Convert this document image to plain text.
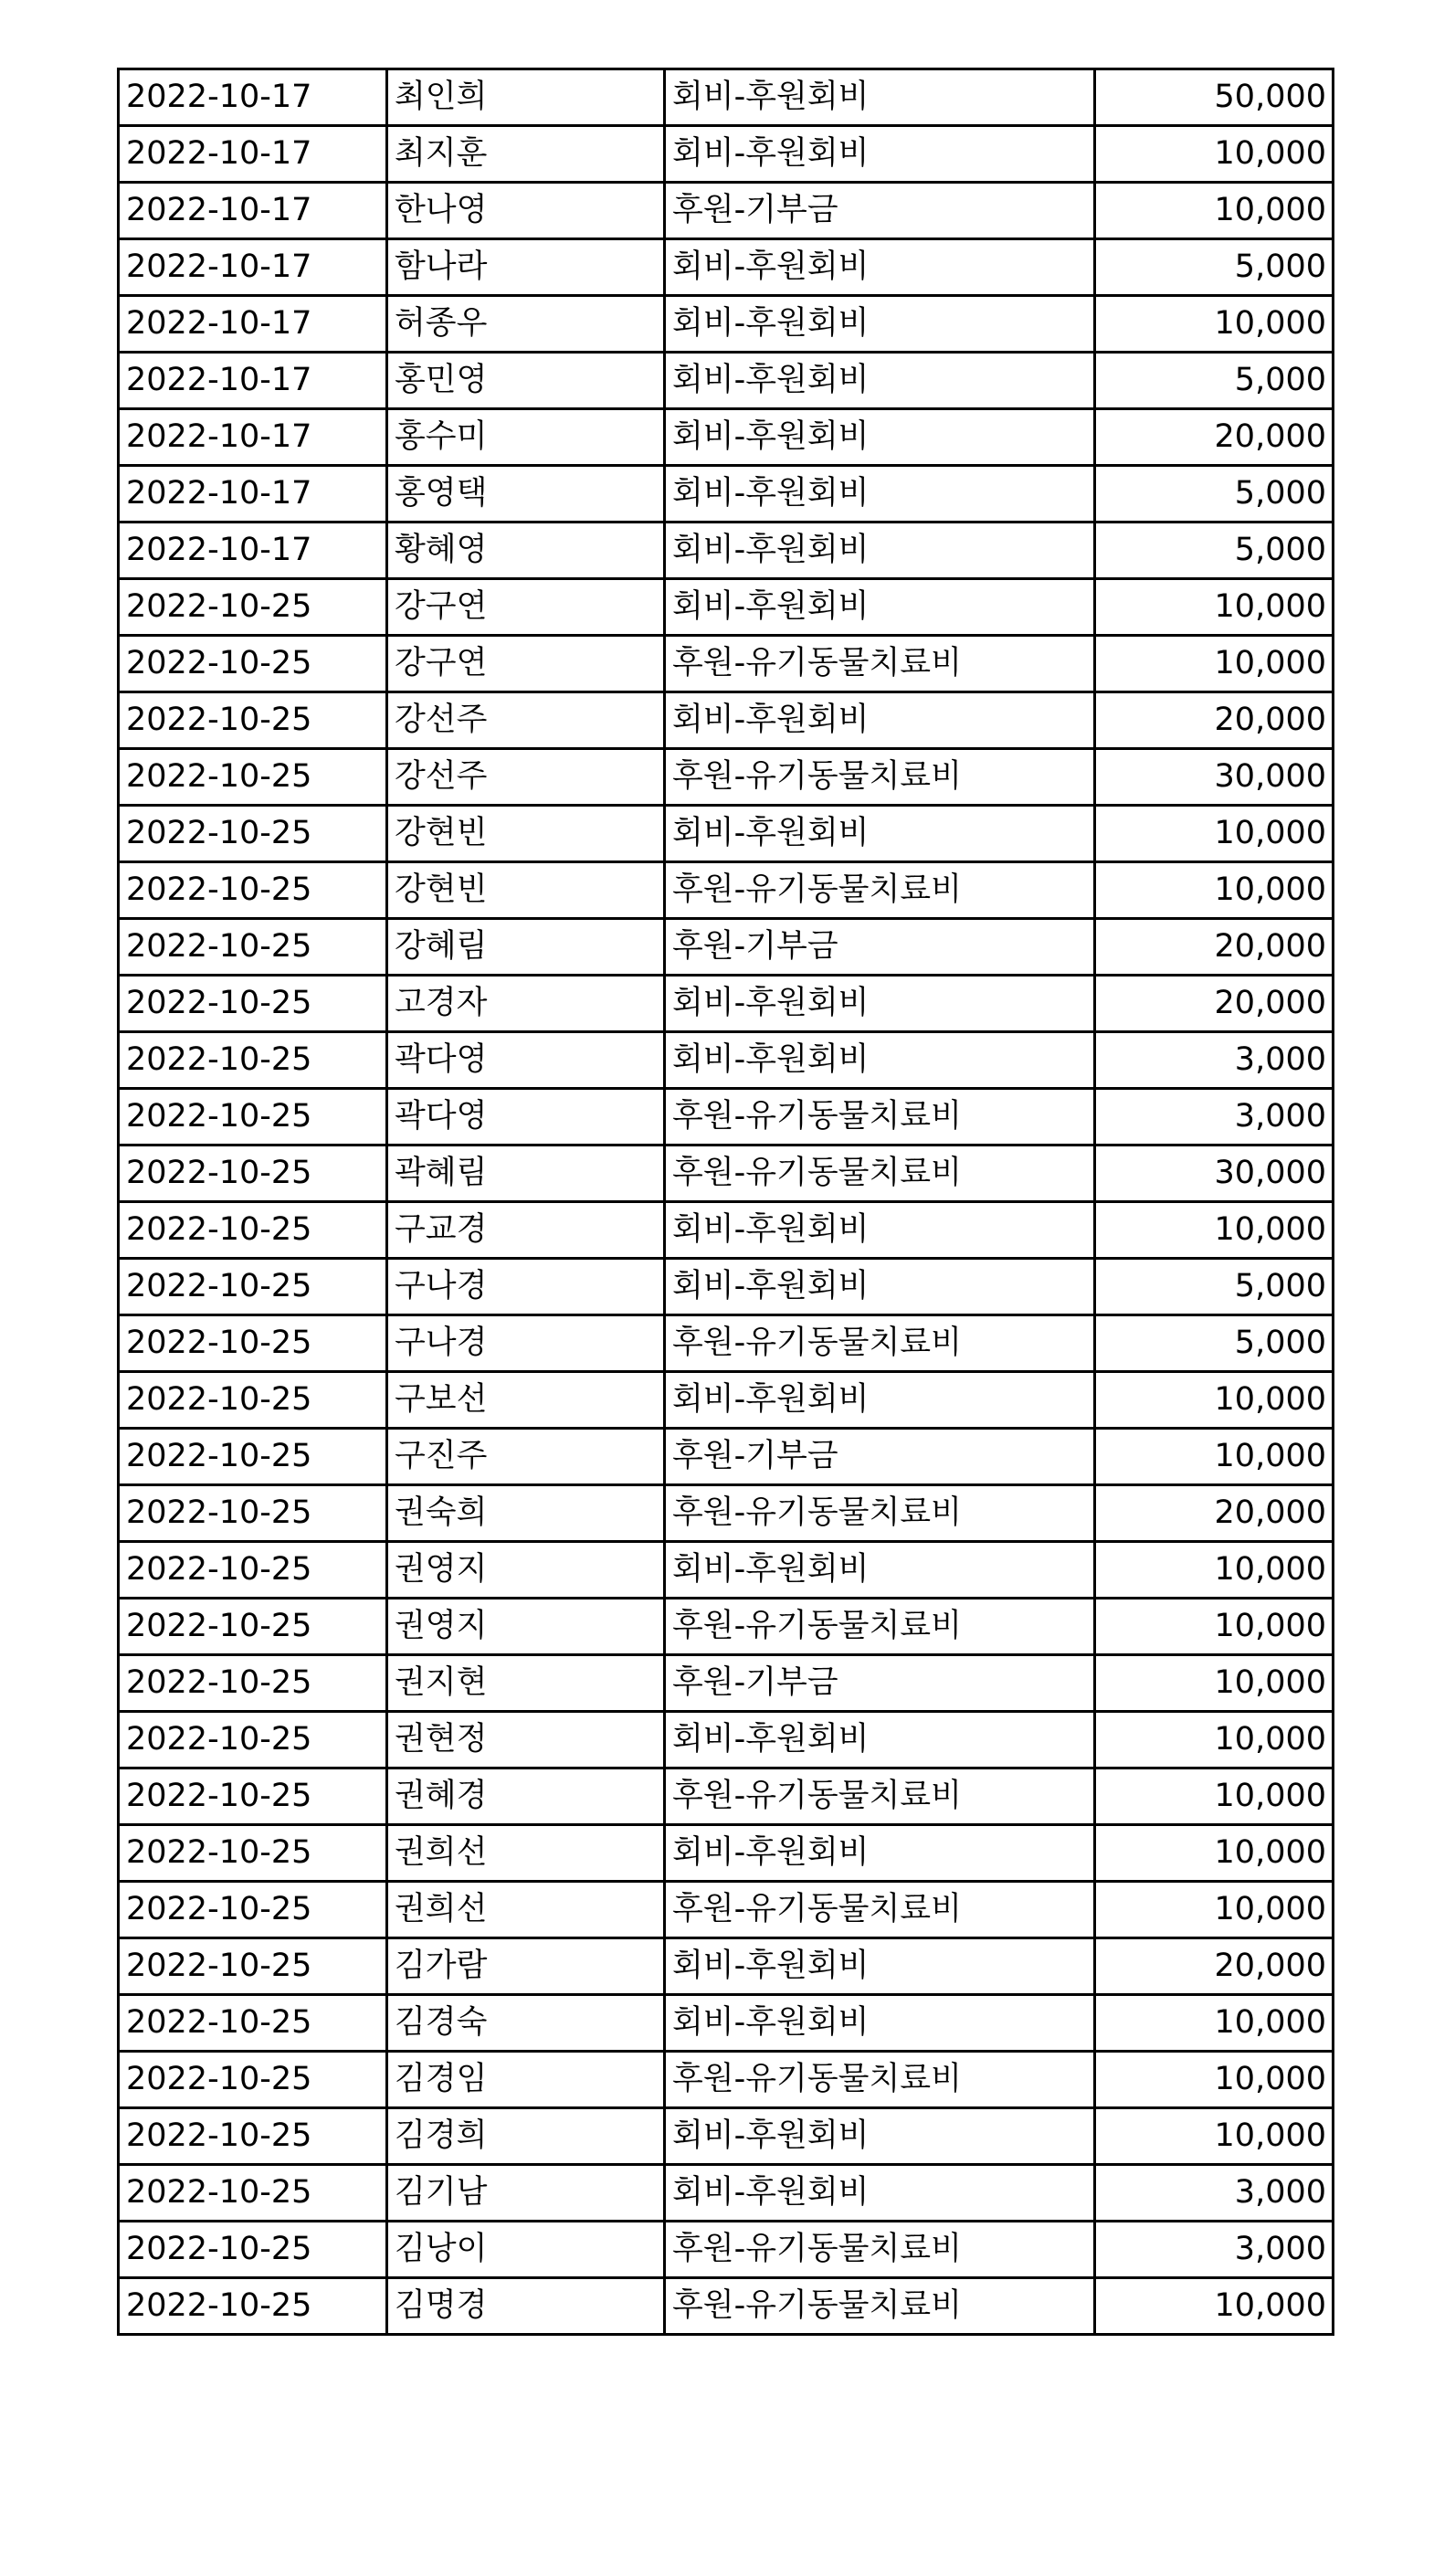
2022-10-17	최인희	회비-후원회비	50,000
2022-10-17	최지훈	회비-후원회비	10,000
2022-10-17	한나영	후원-기부금	10,000
2022-10-17	함나라	회비-후원회비	5,000
2022-10-17	허종우	회비-후원회비	10,000
2022-10-17	홍민영	회비-후원회비	5,000
2022-10-17	홍수미	회비-후원회비	20,000
2022-10-17	홍영택	회비-후원회비	5,000
2022-10-17	황혜영	회비-후원회비	5,000
2022-10-25	강구연	회비-후원회비	10,000
2022-10-25	강구연	후원-유기동물치료비	10,000
2022-10-25	강선주	회비-후원회비	20,000
2022-10-25	강선주	후원-유기동물치료비	30,000
2022-10-25	강현빈	회비-후원회비	10,000
2022-10-25	강현빈	후원-유기동물치료비	10,000
2022-10-25	강혜림	후원-기부금	20,000
2022-10-25	고경자	회비-후원회비	20,000
2022-10-25	곽다영	회비-후원회비	3,000
2022-10-25	곽다영	후원-유기동물치료비	3,000
2022-10-25	곽혜림	후원-유기동물치료비	30,000
2022-10-25	구교경	회비-후원회비	10,000
2022-10-25	구나경	회비-후원회비	5,000
2022-10-25	구나경	후원-유기동물치료비	5,000
2022-10-25	구보선	회비-후원회비	10,000
2022-10-25	구진주	후원-기부금	10,000
2022-10-25	권숙희	후원-유기동물치료비	20,000
2022-10-25	권영지	회비-후원회비	10,000
2022-10-25	권영지	후원-유기동물치료비	10,000
2022-10-25	권지현	후원-기부금	10,000
2022-10-25	권현정	회비-후원회비	10,000
2022-10-25	권혜경	후원-유기동물치료비	10,000
2022-10-25	권희선	회비-후원회비	10,000
2022-10-25	권희선	후원-유기동물치료비	10,000
2022-10-25	김가람	회비-후원회비	20,000
2022-10-25	김경숙	회비-후원회비	10,000
2022-10-25	김경임	후원-유기동물치료비	10,000
2022-10-25	김경희	회비-후원회비	10,000
2022-10-25	김기남	회비-후원회비	3,000
2022-10-25	김낭이	후원-유기동물치료비	3,000
2022-10-25	김명경	후원-유기동물치료비	10,000
